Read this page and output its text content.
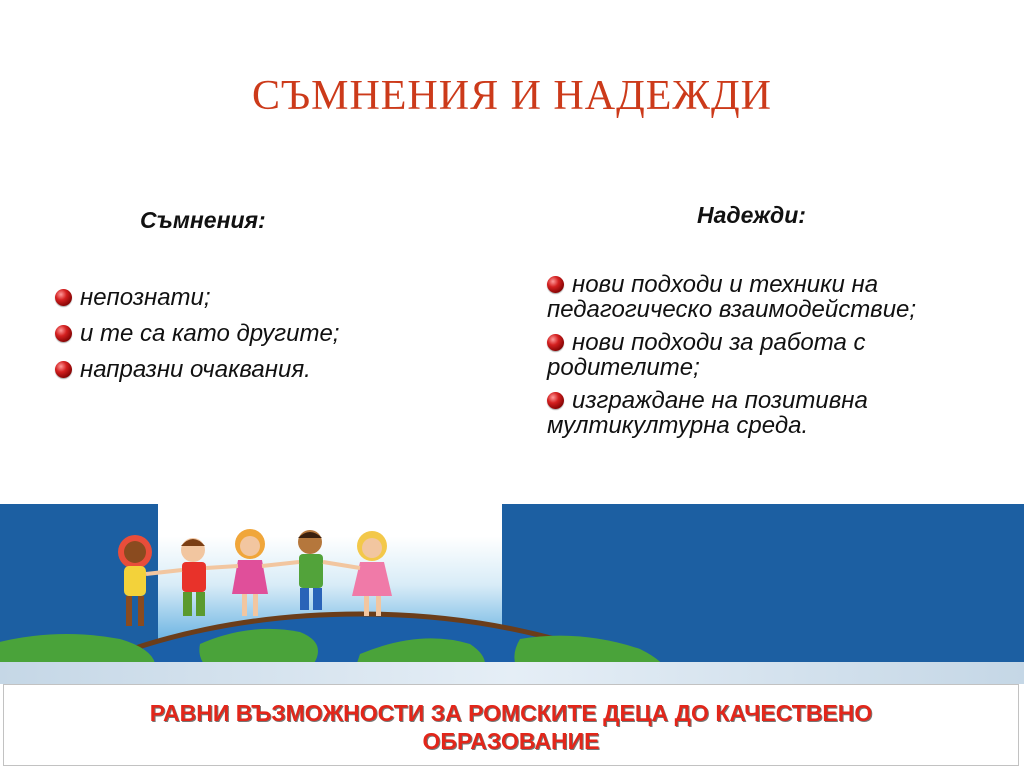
СЪМНЕНИЯ И НАДЕЖДИ
Съмнения:
непознати;
и те са като другите;
напразни очаквания.
Надежди:
нови подходи и техники на педагогическо взаимодействие;
нови подходи за работа с родителите;
изграждане на позитивна мултикултурна среда.
РАВНИ ВЪЗМОЖНОСТИ ЗА РОМСКИТЕ ДЕЦА ДО КАЧЕСТВЕНО
ОБРАЗОВАНИЕ
